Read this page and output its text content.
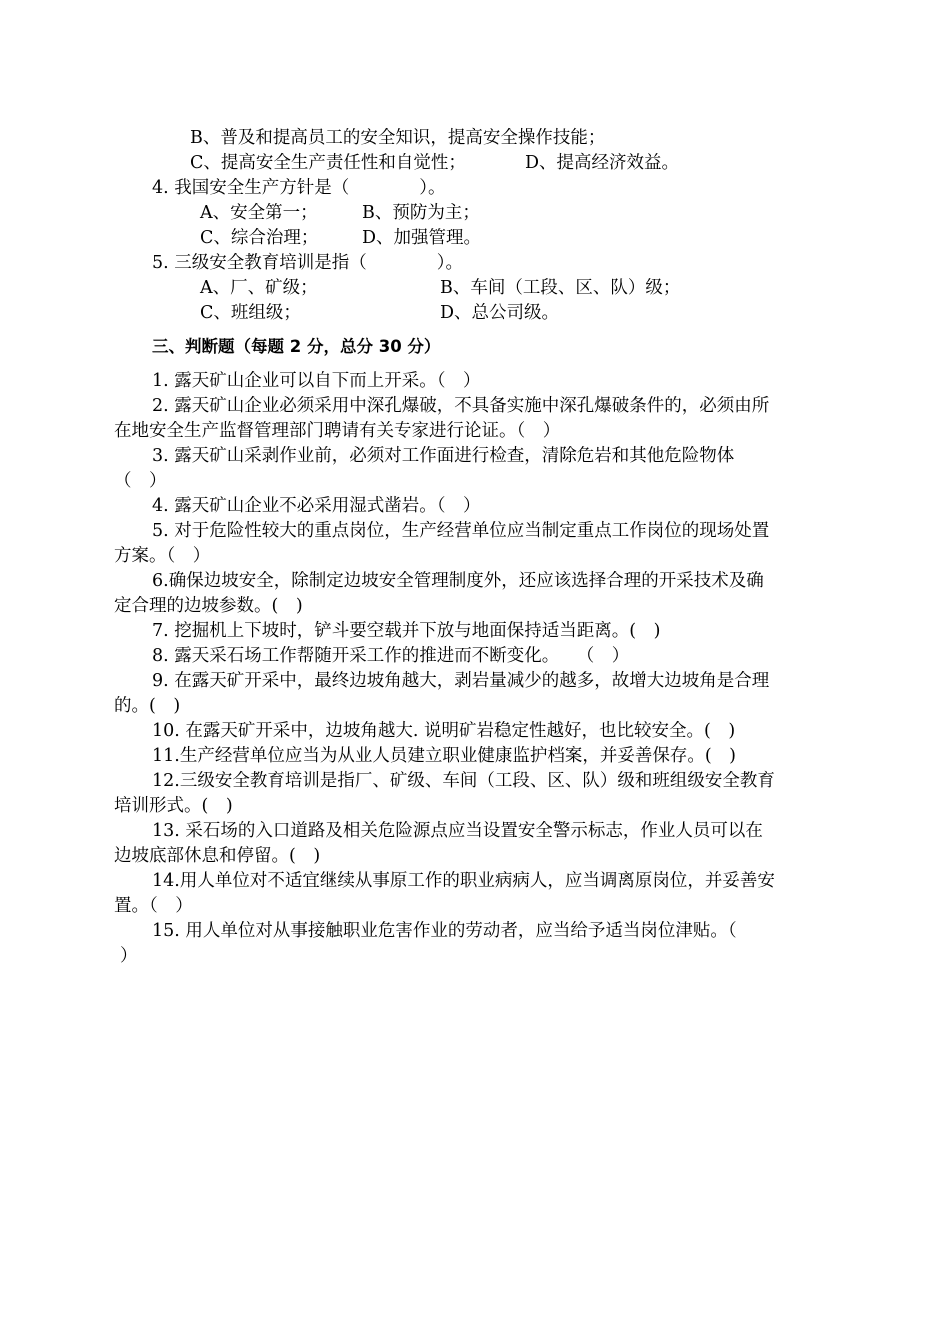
B、普及和提高员工的安全知识，提高安全操作技能；
C、提高安全生产责任性和自觉性；	D、提高经济效益。
4. 我国安全生产方针是（　　　　）。
A、安全第一；	B、预防为主；
C、综合治理； D、加强管理。
5. 三级安全教育培训是指（　　　　）。
A、厂、矿级；	B、车间（工段、区、队）级；
C、班组级；	D、总公司级。
三、判断题（每题 2 分，总分 30 分）
1. 露天矿山企业可以自下而上开采。（　）
2. 露天矿山企业必须采用中深孔爆破，不具备实施中深孔爆破条件的，必须由所
在地安全生产监督管理部门聘请有关专家进行论证。（　）
3. 露天矿山采剥作业前，必须对工作面进行检查，清除危岩和其他危险物体
（　）
4. 露天矿山企业不必采用湿式凿岩。（　）
5. 对于危险性较大的重点岗位，生产经营单位应当制定重点工作岗位的现场处置
方案。（　）
6.确保边坡安全，除制定边坡安全管理制度外，还应该选择合理的开采技术及确
定合理的边坡参数。(　)
7. 挖掘机上下坡时，铲斗要空载并下放与地面保持适当距离。(　)
8. 露天采石场工作帮随开采工作的推进而不断变化。　　（　）
9. 在露天矿开采中，最终边坡角越大，剥岩量减少的越多，故增大边坡角是合理
的。(　)
10. 在露天矿开采中，边坡角越大. 说明矿岩稳定性越好，也比较安全。(　)
11.生产经营单位应当为从业人员建立职业健康监护档案，并妥善保存。(　)
12.三级安全教育培训是指厂、矿级、车间（工段、区、队）级和班组级安全教育
培训形式。(　)
13. 采石场的入口道路及相关危险源点应当设置安全警示标志，作业人员可以在
边坡底部休息和停留。(　)
14.用人单位对不适宜继续从事原工作的职业病病人，应当调离原岗位，并妥善安
置。（　）
15. 用人单位对从事接触职业危害作业的劳动者，应当给予适当岗位津贴。（
）
